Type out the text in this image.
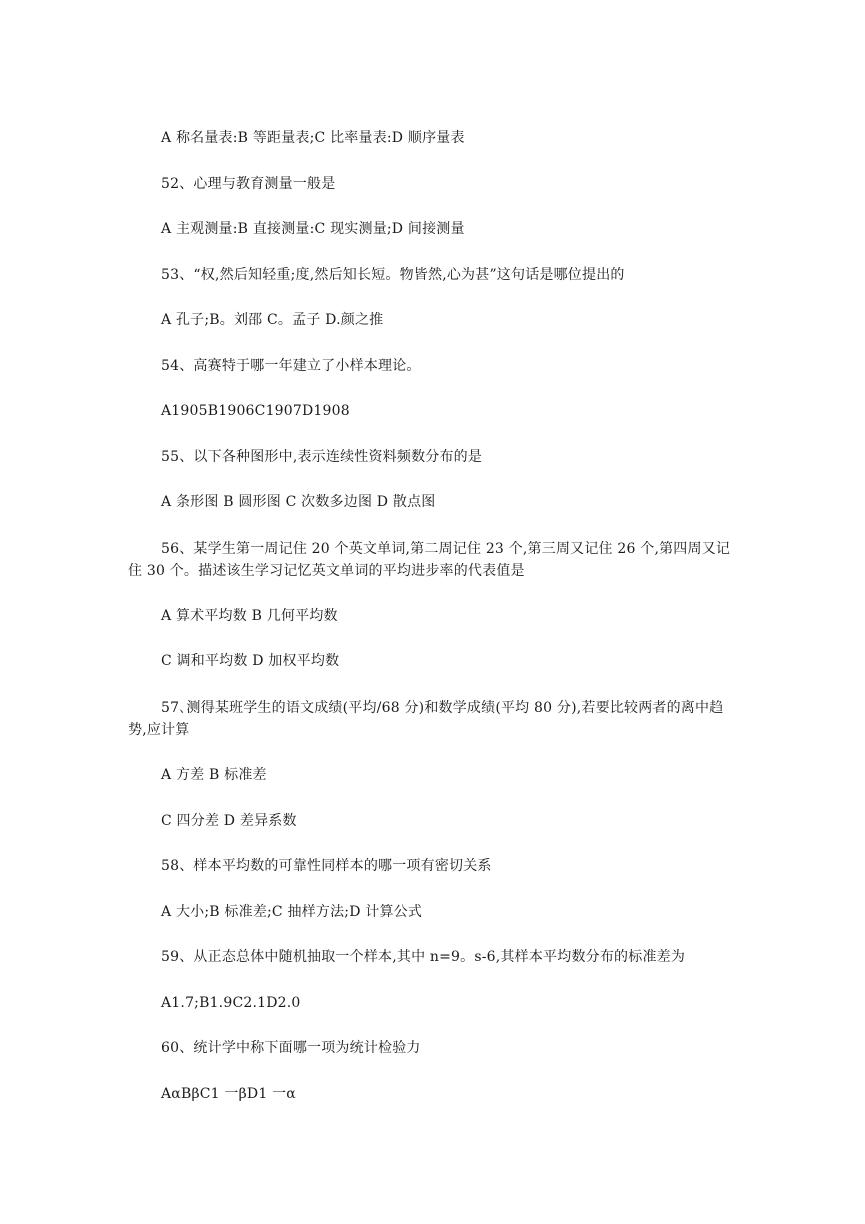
A 称名量表:B 等距量表;C 比率量表:D 顺序量表
52、心理与教育测量一般是
A 主观测量:B 直接测量:C 现实测量;D 间接测量
53、“权,然后知轻重;度,然后知长短。物皆然,心为甚”这句话是哪位提出的
A 孔子;B。刘邵 C。孟子 D.颜之推
54、高赛特于哪一年建立了小样本理论。
A1905B1906C1907D1908
55、以下各种图形中,表示连续性资料频数分布的是
A 条形图 B 圆形图 C 次数多边图 D 散点图
56、某学生第一周记住 20 个英文单词,第二周记住 23 个,第三周又记住 26 个,第四周又记住 30 个。描述该生学习记忆英文单词的平均进步率的代表值是
A 算术平均数 B 几何平均数
C 调和平均数 D 加权平均数
57､测得某班学生的语文成绩(平均/68 分)和数学成绩(平均 80 分),若要比较两者的离中趋势,应计算
A 方差 B 标准差
C 四分差 D 差异系数
58、样本平均数的可靠性同样本的哪一项有密切关系
A 大小;B 标准差;C 抽样方法;D 计算公式
59、从正态总体中随机抽取一个样本,其中 n=9。s-6,其样本平均数分布的标准差为
A1.7;B1.9C2.1D2.0
60、统计学中称下面哪一项为统计检验力
AαBβC1 一βD1 一α
